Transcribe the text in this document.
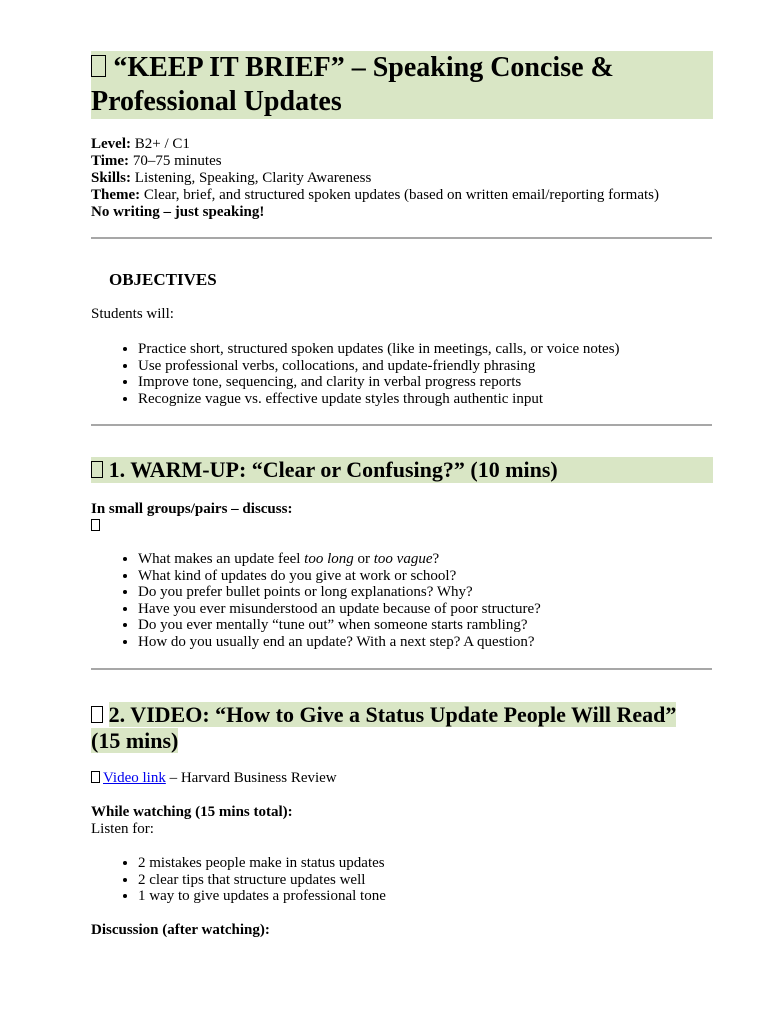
“KEEP IT BRIEF” – Speaking Concise & Professional Updates
Level: B2+ / C1
Time: 70–75 minutes
Skills: Listening, Speaking, Clarity Awareness
Theme: Clear, brief, and structured spoken updates (based on written email/reporting formats)
No writing – just speaking!
OBJECTIVES
Students will:
• Practice short, structured spoken updates (like in meetings, calls, or voice notes)
• Use professional verbs, collocations, and update-friendly phrasing
• Improve tone, sequencing, and clarity in verbal progress reports
• Recognize vague vs. effective update styles through authentic input
1. WARM-UP: “Clear or Confusing?” (10 mins)
In small groups/pairs – discuss:
• What makes an update feel too long or too vague?
• What kind of updates do you give at work or school?
• Do you prefer bullet points or long explanations? Why?
• Have you ever misunderstood an update because of poor structure?
• Do you ever mentally “tune out” when someone starts rambling?
• How do you usually end an update? With a next step? A question?
2. VIDEO: “How to Give a Status Update People Will Read”
(15 mins)
Video link – Harvard Business Review
While watching (15 mins total):
Listen for:
• 2 mistakes people make in status updates
• 2 clear tips that structure updates well
• 1 way to give updates a professional tone
Discussion (after watching):
